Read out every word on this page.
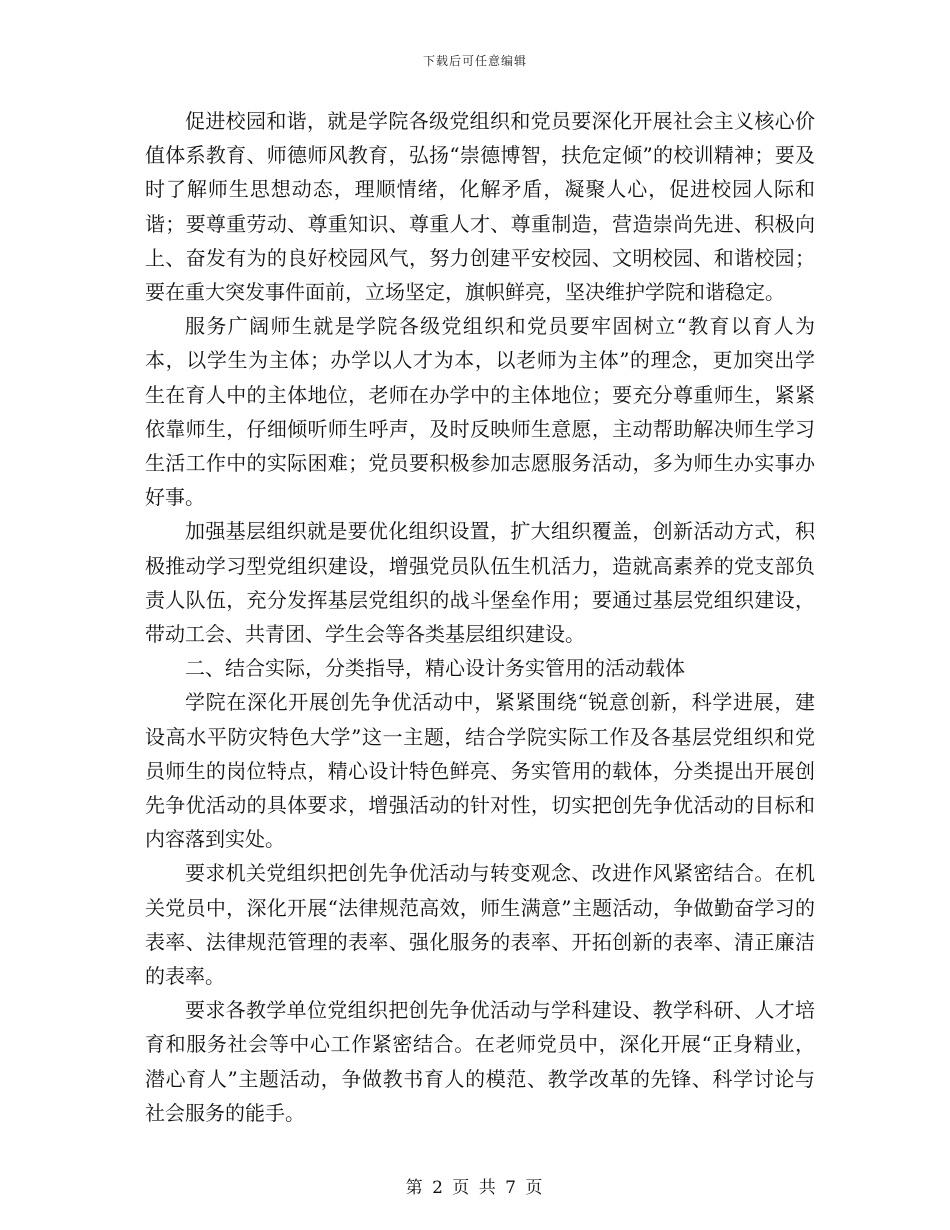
下载后可任意编辑

促进校园和谐，就是学院各级党组织和党员要深化开展社会主义核心价值体系教育、师德师风教育，弘扬“崇德博智，扶危定倾”的校训精神；要及时了解师生思想动态，理顺情绪，化解矛盾，凝聚人心，促进校园人际和谐；要尊重劳动、尊重知识、尊重人才、尊重制造，营造崇尚先进、积极向上、奋发有为的良好校园风气，努力创建平安校园、文明校园、和谐校园；要在重大突发事件面前，立场坚定，旗帜鲜亮，坚决维护学院和谐稳定。

服务广阔师生就是学院各级党组织和党员要牢固树立“教育以育人为本，以学生为主体；办学以人才为本，以老师为主体”的理念，更加突出学生在育人中的主体地位，老师在办学中的主体地位；要充分尊重师生，紧紧依靠师生，仔细倾听师生呼声，及时反映师生意愿，主动帮助解决师生学习生活工作中的实际困难；党员要积极参加志愿服务活动，多为师生办实事办好事。

加强基层组织就是要优化组织设置，扩大组织覆盖，创新活动方式，积极推动学习型党组织建设，增强党员队伍生机活力，造就高素养的党支部负责人队伍，充分发挥基层党组织的战斗堡垒作用；要通过基层党组织建设，带动工会、共青团、学生会等各类基层组织建设。

二、结合实际，分类指导，精心设计务实管用的活动载体

学院在深化开展创先争优活动中，紧紧围绕“锐意创新，科学进展，建设高水平防灾特色大学”这一主题，结合学院实际工作及各基层党组织和党员师生的岗位特点，精心设计特色鲜亮、务实管用的载体，分类提出开展创先争优活动的具体要求，增强活动的针对性，切实把创先争优活动的目标和内容落到实处。

要求机关党组织把创先争优活动与转变观念、改进作风紧密结合。在机关党员中，深化开展“法律规范高效，师生满意”主题活动，争做勤奋学习的表率、法律规范管理的表率、强化服务的表率、开拓创新的表率、清正廉洁的表率。

要求各教学单位党组织把创先争优活动与学科建设、教学科研、人才培育和服务社会等中心工作紧密结合。在老师党员中，深化开展“正身精业，潜心育人”主题活动，争做教书育人的模范、教学改革的先锋、科学讨论与社会服务的能手。

第 2 页 共 7 页
